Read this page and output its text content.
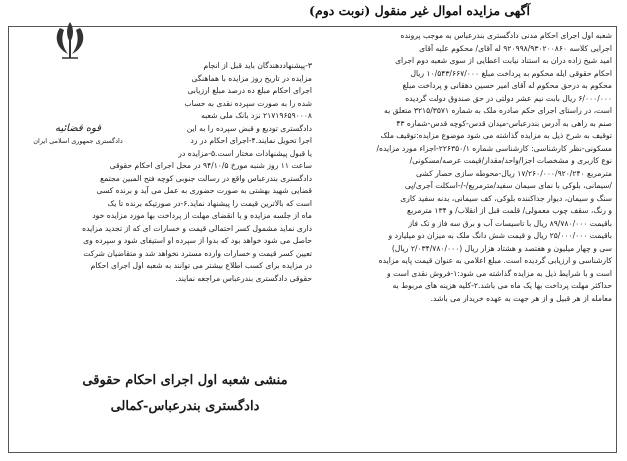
آگهی مزایده اموال غیر منقول (نوبت دوم)
قوه قضائیه
دادگستری جمهوری اسلامی ایران
شعبه اول اجرای احکام مدنی دادگستری بندرعباس به موجب پرونده
اجرایی کلاسه ۹۲۰۹۹۸/۹۳۰۲۰۰۸۶۰ له آقای/ محکوم علیه آقای
امید شیخ زاده دران به استناد نیابت اعطایی از سوی شعبه دوم اجرای
احکام حقوقی ایله محکوم به پرداخت مبلغ ۱۰/۵۴۳/۶۶۷/۰۰۰ ریال
محکوم به درحق محکوم له آقای امیر حسین دهقانی و پرداخت مبلغ
۶/۰۰۰/۰۰۰ ریال بابت نیم عشر دولتی در حق صندوق دولت گردیده
است، در راستای اجرای حکم صادره ملک به شماره ۳۲۱۵/۳۵۷۱ متعلق به
صنم به راهی به آدرس بندرعباس-میدان قدس-کوچه قدس-شماره ۴۳
توقیف به شرح ذیل به مزایده گذاشته می شود موضوع مزایده:توقیف ملک
مسکونی-نظر کارشناسی: کارشناسی شماره ۲۲۶۳۵۰/۱-اجزاء مورد مزایده/
نوع کاربری و مشخصات اجزا/واحد/مقدار/قیمت عرصه/مسکونی/
مترمربع ۱۷/۲۶۰/۰۰۰/۹۲۰/۲۴۰ ریال-محوطه سازی حصار کشی
/سیمانی، بلوکی با نمای سیمان سفید/مترمربع/-/-اسکلت آجری/پی
سنگ و سیمان، دیوار جداکننده بلوکی، کف سیمانی، بدنه سفید کاری
و رنگ، سقف چوب معمولی/ قلمت قبل از انقلاب/ و ۱۳۴ مترمربع
باقیمت ۸۹/۷۸۰/۰۰۰ ریال با تاسیسات آب و برق سه فاز و تک فاز
باقیمت ۲۵/۰۰۰/۰۰۰ ریال و قیمت شش دانگ ملک به میزان دو میلیارد و
سی و چهار میلیون و هفتصد و هشتاد هزار ریال (۲/۰۳۴/۷۸۰/۰۰۰ ریال)
کارشناسی و ارزیابی گردیده است. مبلغ اعلامی به عنوان قیمت پایه مزایده
است و با شرایط ذیل به مزایده گذاشته می شود:۱-فروش نقدی است و
حداکثر مهلت پرداخت بها یک ماه می باشد.۲-کلیه هزینه های مربوط به
معامله از هر قبیل و از هر جهت به عهده خریدار می باشد.
۳-پیشنهاددهندگان باید قبل از انجام
مزایده در تاریخ روز مزایده با هماهنگی
اجرای احکام مبلغ ده درصد مبلغ ارزیابی
شده را به صورت سپرده نقدی به حساب
۲۱۷۱۹۶۵۹۰۰۰۸ نزد بانک ملی شعبه
دادگستری تودیع و قبض سپرده را به این
اجرا تحویل نمایند.۴-اجرای احکام در رد
یا قبول پیشنهادات مختار است.۵-مزایده در
ساعت ۱۱ روز شنبه مورخ ۹۴/۱۰/۵ در محل اجرای احکام حقوقی
دادگستری بندرعباس واقع در رسالت جنوبی کوچه فتح المبین مجتمع
قضایی شهید بهشتی به صورت حضوری به عمل می آید و برنده کسی
است که بالاترین قیمت را پیشنهاد نماید.۶-در صورتیکه برنده تا یک
ماه از جلسه مزایده و یا انقضای مهلت از پرداخت بها مورد مزایده خود
داری نماید مشمول کسر احتمالی قیمت و خسارات ای که از تجدید مزایده
حاصل می شود خواهد بود که بدوا از سپرده او استیفای شود و سپرده وی
تعیین کسر قیمت و خسارات وارده مسترد نخواهد شد و متقاضیان شرکت
در مزایده برای کسب اطلاع بیشتر می توانند به شعبه اول اجرای احکام
حقوقی دادگستری بندرعباس مراجعه نمایند.
منشی شعبه اول اجرای احکام حقوقی
دادگستری بندرعباس-کمالی
